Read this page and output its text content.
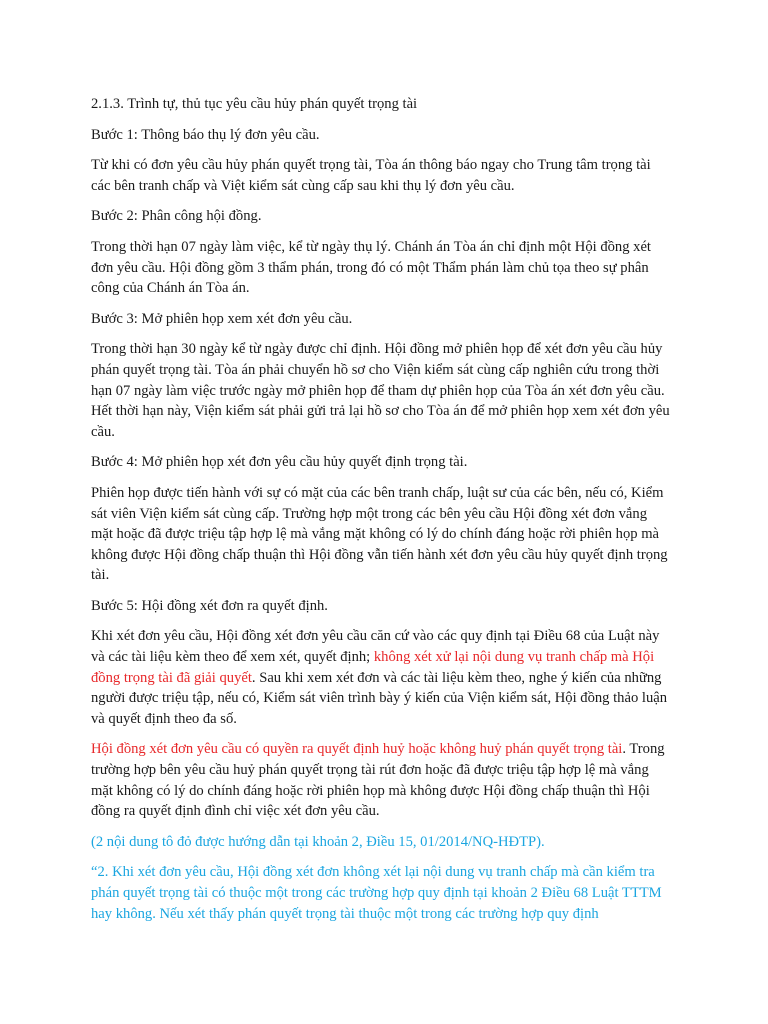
2.1.3. Trình tự, thủ tục yêu cầu hủy phán quyết trọng tài

Bước 1: Thông báo thụ lý đơn yêu cầu.

Từ khi có đơn yêu cầu hủy phán quyết trọng tài, Tòa án thông báo ngay cho Trung tâm trọng tài các bên tranh chấp và Việt kiểm sát cùng cấp sau khi thụ lý đơn yêu cầu.

Bước 2: Phân công hội đồng.

Trong thời hạn 07 ngày làm việc, kể từ ngày thụ lý. Chánh án Tòa án chỉ định một Hội đồng xét đơn yêu cầu. Hội đồng gồm 3 thẩm phán, trong đó có một Thẩm phán làm chủ tọa theo sự phân công của Chánh án Tòa án.

Bước 3: Mở phiên họp xem xét đơn yêu cầu.

Trong thời hạn 30 ngày kể từ ngày được chỉ định. Hội đồng mở phiên họp để xét đơn yêu cầu hủy phán quyết trọng tài. Tòa án phải chuyển hồ sơ cho Viện kiểm sát cùng cấp nghiên cứu trong thời hạn 07 ngày làm việc trước ngày mở phiên họp để tham dự phiên họp của Tòa án xét đơn yêu cầu. Hết thời hạn này, Viện kiểm sát phải gửi trả lại hồ sơ cho Tòa án để mở phiên họp xem xét đơn yêu cầu.

Bước 4: Mở phiên họp xét đơn yêu cầu hủy quyết định trọng tài.

Phiên họp được tiến hành với sự có mặt của các bên tranh chấp, luật sư của các bên, nếu có, Kiểm sát viên Viện kiểm sát cùng cấp. Trường hợp một trong các bên yêu cầu Hội đồng xét đơn vắng mặt hoặc đã được triệu tập hợp lệ mà vắng mặt không có lý do chính đáng hoặc rời phiên họp mà không được Hội đồng chấp thuận thì Hội đồng vẫn tiến hành xét đơn yêu cầu hủy quyết định trọng tài.

Bước 5: Hội đồng xét đơn ra quyết định.

Khi xét đơn yêu cầu, Hội đồng xét đơn yêu cầu căn cứ vào các quy định tại Điều 68 của Luật này và các tài liệu kèm theo để xem xét, quyết định; không xét xử lại nội dung vụ tranh chấp mà Hội đồng trọng tài đã giải quyết. Sau khi xem xét đơn và các tài liệu kèm theo, nghe ý kiến của những người được triệu tập, nếu có, Kiểm sát viên trình bày ý kiến của Viện kiểm sát, Hội đồng thảo luận và quyết định theo đa số.

Hội đồng xét đơn yêu cầu có quyền ra quyết định huỷ hoặc không huỷ phán quyết trọng tài. Trong trường hợp bên yêu cầu huỷ phán quyết trọng tài rút đơn hoặc đã được triệu tập hợp lệ mà vắng mặt không có lý do chính đáng hoặc rời phiên họp mà không được Hội đồng chấp thuận thì Hội đồng ra quyết định đình chỉ việc xét đơn yêu cầu.

(2 nội dung tô đỏ được hướng dẫn tại khoản 2, Điều 15, 01/2014/NQ-HĐTP).

“2. Khi xét đơn yêu cầu, Hội đồng xét đơn không xét lại nội dung vụ tranh chấp mà cần kiểm tra phán quyết trọng tài có thuộc một trong các trường hợp quy định tại khoản 2 Điều 68 Luật TTTM hay không. Nếu xét thấy phán quyết trọng tài thuộc một trong các trường hợp quy định
